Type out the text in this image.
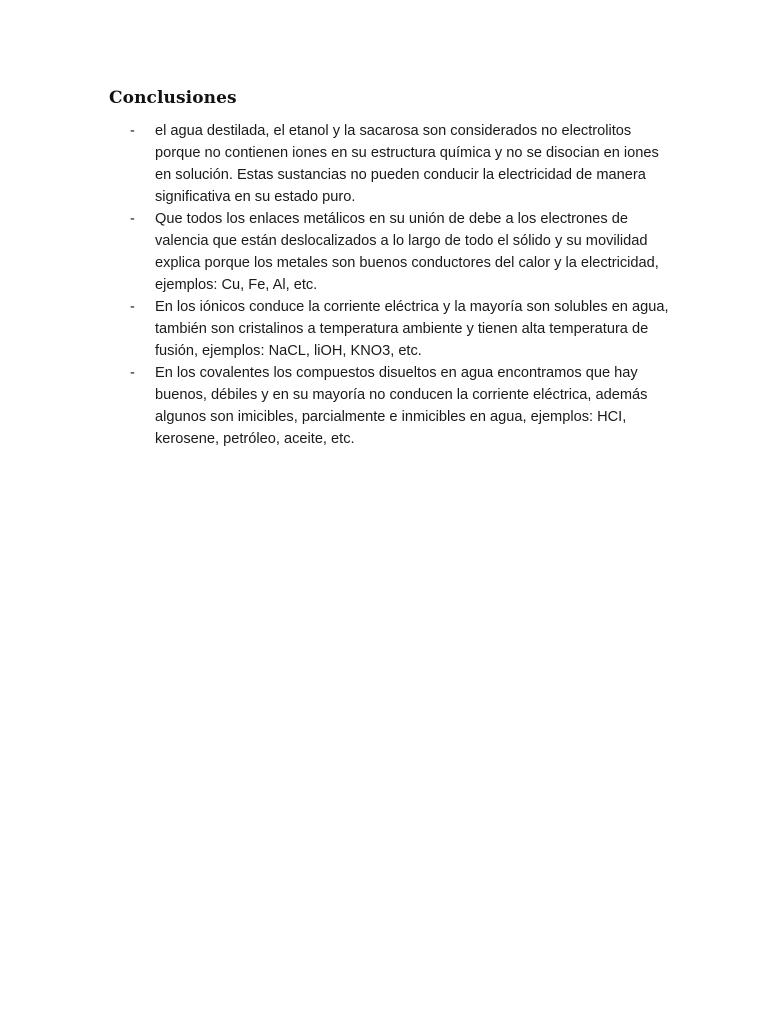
Conclusiones
-	el agua destilada, el etanol y la sacarosa son considerados no electrolitos porque no contienen iones en su estructura química y no se disocian en iones en solución. Estas sustancias no pueden conducir la electricidad de manera significativa en su estado puro.
-	Que todos los enlaces metálicos en su unión de debe a los electrones de valencia que están deslocalizados a lo largo de todo el sólido y su movilidad explica porque los metales son buenos conductores del calor y la electricidad, ejemplos: Cu, Fe, Al, etc.
-	En los iónicos conduce la corriente eléctrica y la mayoría son solubles en agua, también son cristalinos a temperatura ambiente y tienen alta temperatura de fusión, ejemplos: NaCL, liOH, KNO3, etc.
-	En los covalentes los compuestos disueltos en agua encontramos que hay buenos, débiles y en su mayoría no conducen la corriente eléctrica, además algunos son imicibles, parcialmente e inmicibles en agua, ejemplos: HCI, kerosene, petróleo, aceite, etc.
